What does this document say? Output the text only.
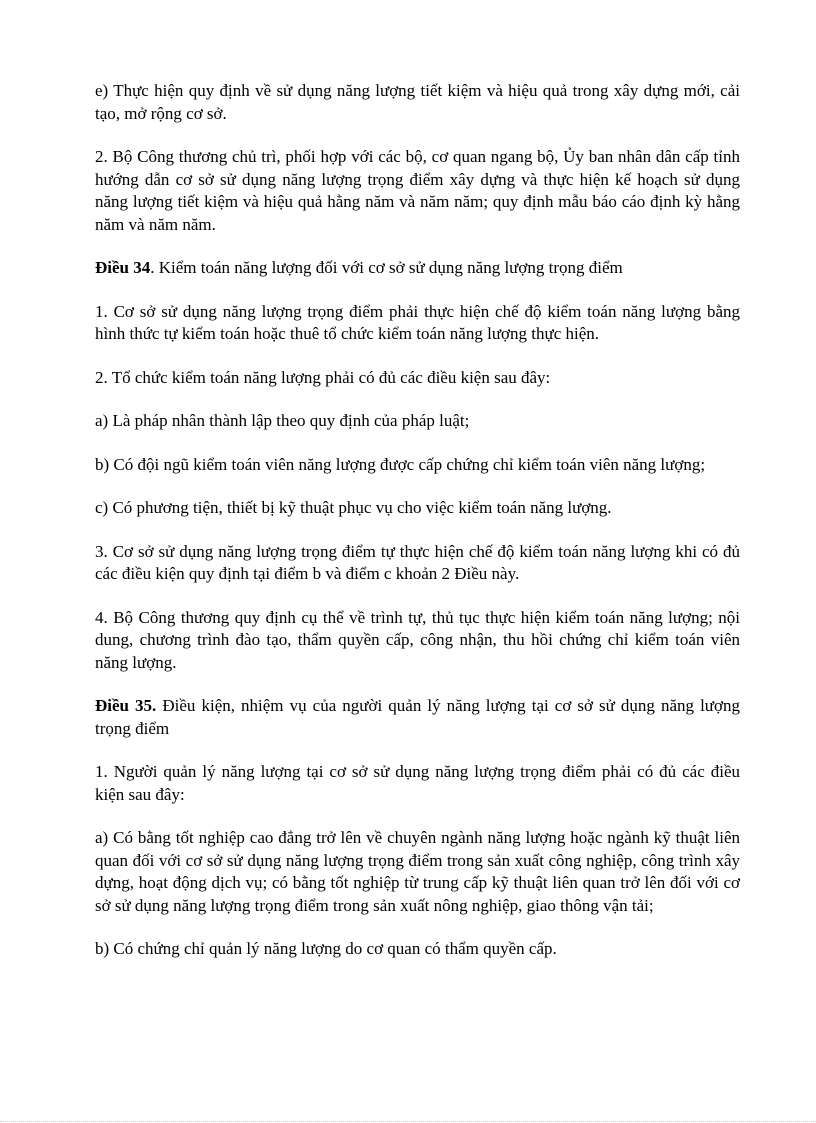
e) Thực hiện quy định về sử dụng năng lượng tiết kiệm và hiệu quả trong xây dựng mới, cải tạo, mở rộng cơ sở.

2. Bộ Công thương chủ trì, phối hợp với các bộ, cơ quan ngang bộ, Ủy ban nhân dân cấp tỉnh hướng dẫn cơ sở sử dụng năng lượng trọng điểm xây dựng và thực hiện kế hoạch sử dụng năng lượng tiết kiệm và hiệu quả hằng năm và năm năm; quy định mẫu báo cáo định kỳ hằng năm và năm năm.

Điều 34. Kiểm toán năng lượng đối với cơ sở sử dụng năng lượng trọng điểm

1. Cơ sở sử dụng năng lượng trọng điểm phải thực hiện chế độ kiểm toán năng lượng bằng hình thức tự kiểm toán hoặc thuê tổ chức kiểm toán năng lượng thực hiện.

2. Tổ chức kiểm toán năng lượng phải có đủ các điều kiện sau đây:

a) Là pháp nhân thành lập theo quy định của pháp luật;

b) Có đội ngũ kiểm toán viên năng lượng được cấp chứng chỉ kiểm toán viên năng lượng;

c) Có phương tiện, thiết bị kỹ thuật phục vụ cho việc kiểm toán năng lượng.

3. Cơ sở sử dụng năng lượng trọng điểm tự thực hiện chế độ kiểm toán năng lượng khi có đủ các điều kiện quy định tại điểm b và điểm c khoản 2 Điều này.

4. Bộ Công thương quy định cụ thể về trình tự, thủ tục thực hiện kiểm toán năng lượng; nội dung, chương trình đào tạo, thẩm quyền cấp, công nhận, thu hồi chứng chỉ kiểm toán viên năng lượng.

Điều 35. Điều kiện, nhiệm vụ của người quản lý năng lượng tại cơ sở sử dụng năng lượng trọng điểm

1. Người quản lý năng lượng tại cơ sở sử dụng năng lượng trọng điểm phải có đủ các điều kiện sau đây:

a) Có bằng tốt nghiệp cao đẳng trở lên về chuyên ngành năng lượng hoặc ngành kỹ thuật liên quan đối với cơ sở sử dụng năng lượng trọng điểm trong sản xuất công nghiệp, công trình xây dựng, hoạt động dịch vụ; có bằng tốt nghiệp từ trung cấp kỹ thuật liên quan trở lên đối với cơ sở sử dụng năng lượng trọng điểm trong sản xuất nông nghiệp, giao thông vận tải;

b) Có chứng chỉ quản lý năng lượng do cơ quan có thẩm quyền cấp.
